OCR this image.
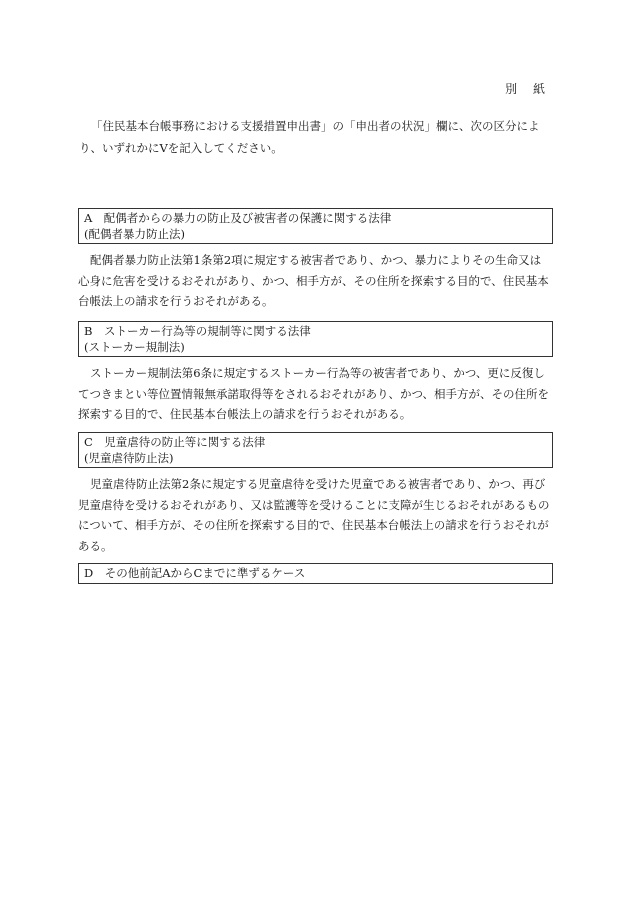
別 紙

「住民基本台帳事務における支援措置申出書」の「申出者の状況」欄に、次の区分により、いずれかにVを記入してください。

A　配偶者からの暴力の防止及び被害者の保護に関する法律
(配偶者暴力防止法)

配偶者暴力防止法第1条第2項に規定する被害者であり、かつ、暴力によりその生命又は心身に危害を受けるおそれがあり、かつ、相手方が、その住所を探索する目的で、住民基本台帳法上の請求を行うおそれがある。

B　ストーカー行為等の規制等に関する法律
(ストーカー規制法)

ストーカー規制法第6条に規定するストーカー行為等の被害者であり、かつ、更に反復してつきまとい等位置情報無承諾取得等をされるおそれがあり、かつ、相手方が、その住所を探索する目的で、住民基本台帳法上の請求を行うおそれがある。

C　児童虐待の防止等に関する法律
(児童虐待防止法)

児童虐待防止法第2条に規定する児童虐待を受けた児童である被害者であり、かつ、再び児童虐待を受けるおそれがあり、又は監護等を受けることに支障が生じるおそれがあるものについて、相手方が、その住所を探索する目的で、住民基本台帳法上の請求を行うおそれがある。

D　その他前記AからCまでに準ずるケース
